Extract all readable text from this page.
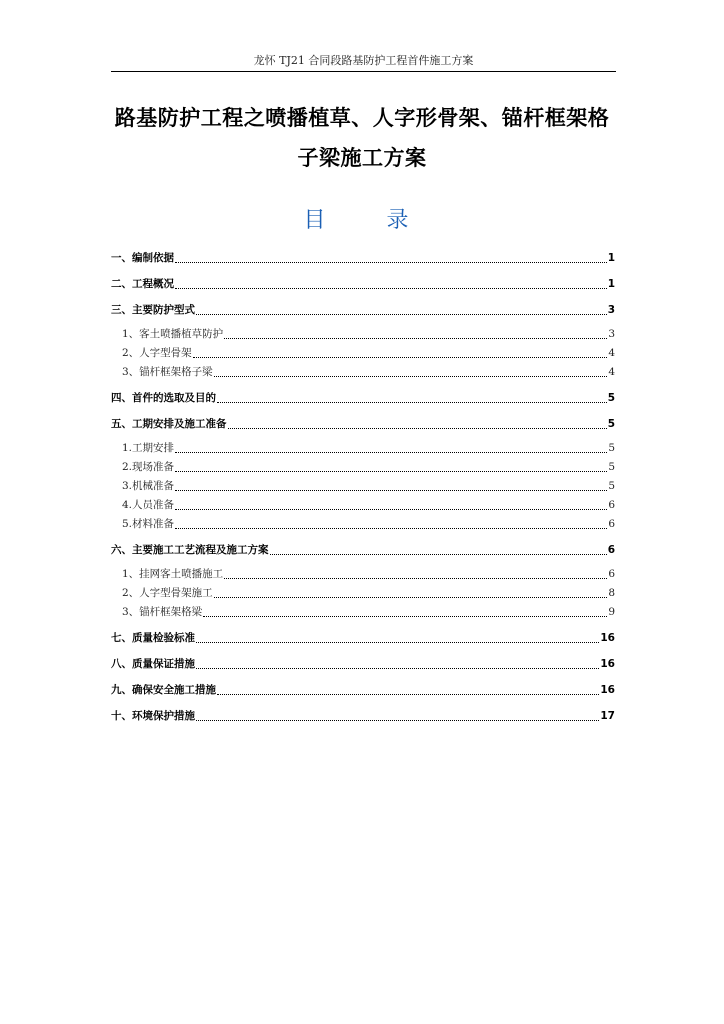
龙怀 TJ21 合同段路基防护工程首件施工方案
路基防护工程之喷播植草、人字形骨架、锚杆框架格
子梁施工方案
目 录
一、编制依据	1
二、工程概况	1
三、主要防护型式	3
1、客土喷播植草防护	3
2、人字型骨架	4
3、锚杆框架格子梁	4
四、首件的选取及目的	5
五、工期安排及施工准备	5
1.工期安排	5
2.现场准备	5
3.机械准备	5
4.人员准备	6
5.材料准备	6
六、主要施工工艺流程及施工方案	6
1、挂网客土喷播施工	6
2、人字型骨架施工	8
3、锚杆框架格梁	9
七、质量检验标准	16
八、质量保证措施	16
九、确保安全施工措施	16
十、环境保护措施	17
